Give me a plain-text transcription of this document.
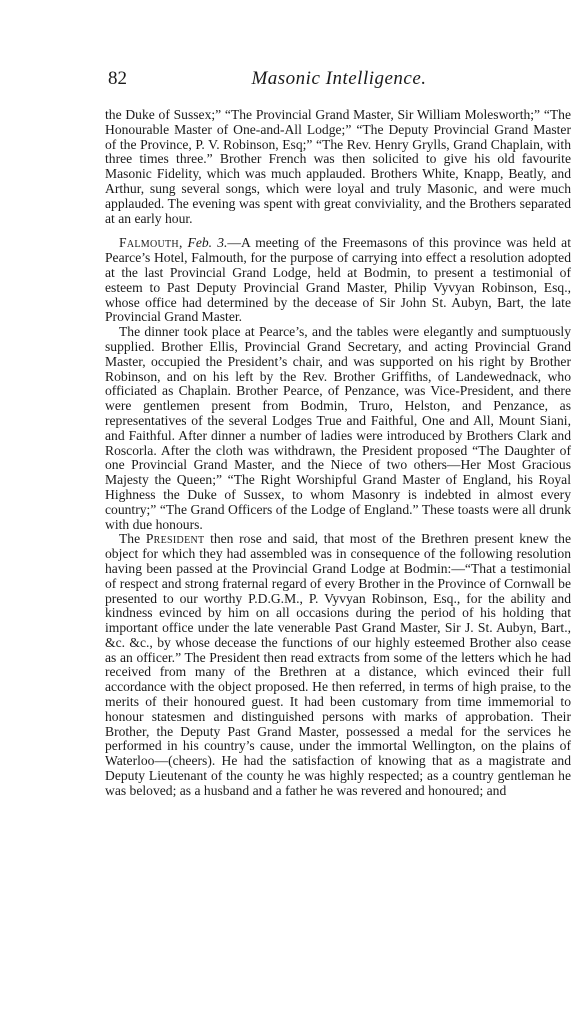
82	Masonic Intelligence.

the Duke of Sussex;” “The Provincial Grand Master, Sir William Molesworth;” “The Honourable Master of One-and-All Lodge;” “The Deputy Provincial Grand Master of the Province, P. V. Robinson, Esq;” “The Rev. Henry Grylls, Grand Chaplain, with three times three.” Brother French was then solicited to give his old favourite Masonic Fidelity, which was much applauded. Brothers White, Knapp, Beatly, and Arthur, sung several songs, which were loyal and truly Masonic, and were much applauded. The evening was spent with great conviviality, and the Brothers separated at an early hour.

Falmouth, Feb. 3.—A meeting of the Freemasons of this province was held at Pearce’s Hotel, Falmouth, for the purpose of carrying into effect a resolution adopted at the last Provincial Grand Lodge, held at Bodmin, to present a testimonial of esteem to Past Deputy Provincial Grand Master, Philip Vyvyan Robinson, Esq., whose office had determined by the decease of Sir John St. Aubyn, Bart, the late Provincial Grand Master.

The dinner took place at Pearce’s, and the tables were elegantly and sumptuously supplied. Brother Ellis, Provincial Grand Secretary, and acting Provincial Grand Master, occupied the President’s chair, and was supported on his right by Brother Robinson, and on his left by the Rev. Brother Griffiths, of Landewednack, who officiated as Chaplain. Brother Pearce, of Penzance, was Vice-President, and there were gentlemen present from Bodmin, Truro, Helston, and Penzance, as representatives of the several Lodges True and Faithful, One and All, Mount Siani, and Faithful. After dinner a number of ladies were introduced by Brothers Clark and Roscorla. After the cloth was withdrawn, the President proposed “The Daughter of one Provincial Grand Master, and the Niece of two others—Her Most Gracious Majesty the Queen;” “The Right Worshipful Grand Master of England, his Royal Highness the Duke of Sussex, to whom Masonry is indebted in almost every country;” “The Grand Officers of the Lodge of England.” These toasts were all drunk with due honours.

The President then rose and said, that most of the Brethren present knew the object for which they had assembled was in consequence of the following resolution having been passed at the Provincial Grand Lodge at Bodmin:—“That a testimonial of respect and strong fraternal regard of every Brother in the Province of Cornwall be presented to our worthy P.D.G.M., P. Vyvyan Robinson, Esq., for the ability and kindness evinced by him on all occasions during the period of his holding that important office under the late venerable Past Grand Master, Sir J. St. Aubyn, Bart., &c. &c., by whose decease the functions of our highly esteemed Brother also cease as an officer.” The President then read extracts from some of the letters which he had received from many of the Brethren at a distance, which evinced their full accordance with the object proposed. He then referred, in terms of high praise, to the merits of their honoured guest. It had been customary from time immemorial to honour statesmen and distinguished persons with marks of approbation. Their Brother, the Deputy Past Grand Master, possessed a medal for the services he performed in his country’s cause, under the immortal Wellington, on the plains of Waterloo—(cheers). He had the satisfaction of knowing that as a magistrate and Deputy Lieutenant of the county he was highly respected; as a country gentleman he was beloved; as a husband and a father he was revered and honoured; and
